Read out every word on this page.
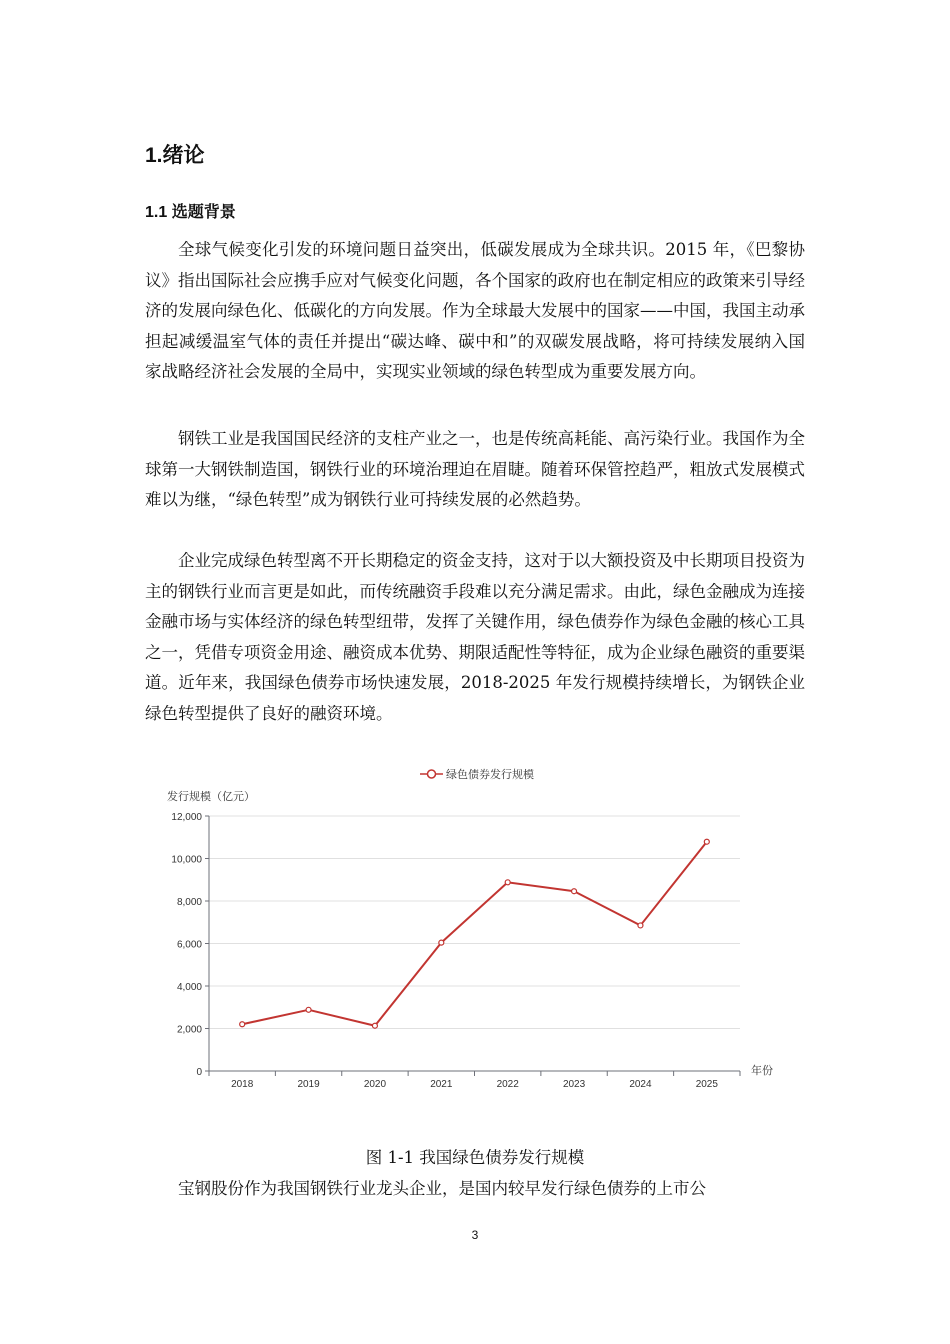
1.绪论
1.1 选题背景

全球气候变化引发的环境问题日益突出，低碳发展成为全球共识。2015 年，《巴黎协议》指出国际社会应携手应对气候变化问题，各个国家的政府也在制定相应的政策来引导经济的发展向绿色化、低碳化的方向发展。作为全球最大发展中的国家——中国，我国主动承担起减缓温室气体的责任并提出“碳达峰、碳中和”的双碳发展战略，将可持续发展纳入国家战略经济社会发展的全局中，实现实业领域的绿色转型成为重要发展方向。

钢铁工业是我国国民经济的支柱产业之一，也是传统高耗能、高污染行业。我国作为全球第一大钢铁制造国，钢铁行业的环境治理迫在眉睫。随着环保管控趋严，粗放式发展模式难以为继，“绿色转型”成为钢铁行业可持续发展的必然趋势。

企业完成绿色转型离不开长期稳定的资金支持，这对于以大额投资及中长期项目投资为主的钢铁行业而言更是如此，而传统融资手段难以充分满足需求。由此，绿色金融成为连接金融市场与实体经济的绿色转型纽带，发挥了关键作用，绿色债券作为绿色金融的核心工具之一，凭借专项资金用途、融资成本优势、期限适配性等特征，成为企业绿色融资的重要渠道。近年来，我国绿色债券市场快速发展，2018-2025 年发行规模持续增长，为钢铁企业绿色转型提供了良好的融资环境。

绿色债券发行规模
发行规模（亿元）
年份
0
2,000
4,000
6,000
8,000
10,000
12,000
2018	2019	2020	2021	2022	2023	2024	2025
图 1-1 我国绿色债券发行规模

宝钢股份作为我国钢铁行业龙头企业，是国内较早发行绿色债券的上市公

3
